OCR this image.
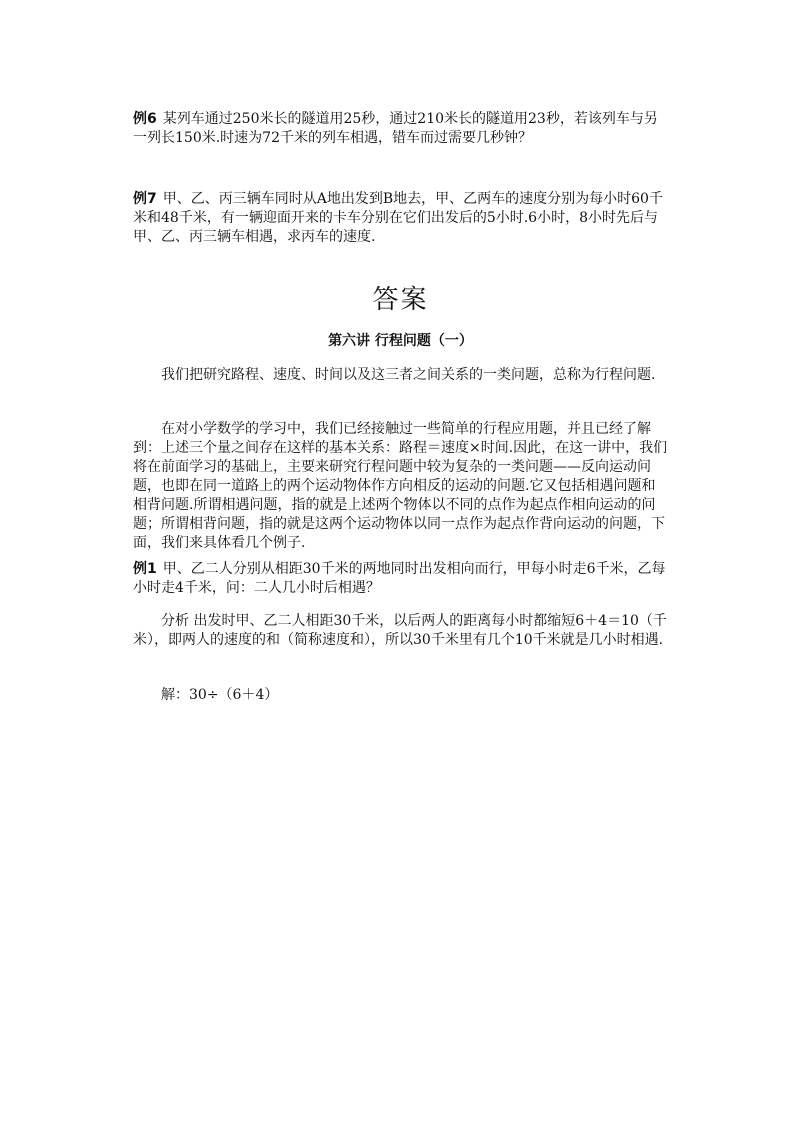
例6 某列车通过250米长的隧道用25秒，通过210米长的隧道用23秒，若该列车与另一列长150米.时速为72千米的列车相遇，错车而过需要几秒钟？
例7 甲、乙、丙三辆车同时从A地出发到B地去，甲、乙两车的速度分别为每小时60千米和48千米，有一辆迎面开来的卡车分别在它们出发后的5小时.6小时，8小时先后与甲、乙、丙三辆车相遇，求丙车的速度.
答案
第六讲 行程问题（一）
我们把研究路程、速度、时间以及这三者之间关系的一类问题，总称为行程问题.
在对小学数学的学习中，我们已经接触过一些简单的行程应用题，并且已经了解到：上述三个量之间存在这样的基本关系：路程＝速度×时间.因此，在这一讲中，我们将在前面学习的基础上，主要来研究行程问题中较为复杂的一类问题——反向运动问题，也即在同一道路上的两个运动物体作方向相反的运动的问题.它又包括相遇问题和相背问题.所谓相遇问题，指的就是上述两个物体以不同的点作为起点作相向运动的问题；所谓相背问题，指的就是这两个运动物体以同一点作为起点作背向运动的问题，下面，我们来具体看几个例子.
例1 甲、乙二人分别从相距30千米的两地同时出发相向而行，甲每小时走6千米，乙每小时走4千米，问：二人几小时后相遇？
分析 出发时甲、乙二人相距30千米，以后两人的距离每小时都缩短6＋4＝10（千米），即两人的速度的和（简称速度和），所以30千米里有几个10千米就是几小时相遇.
解：30÷（6＋4）
